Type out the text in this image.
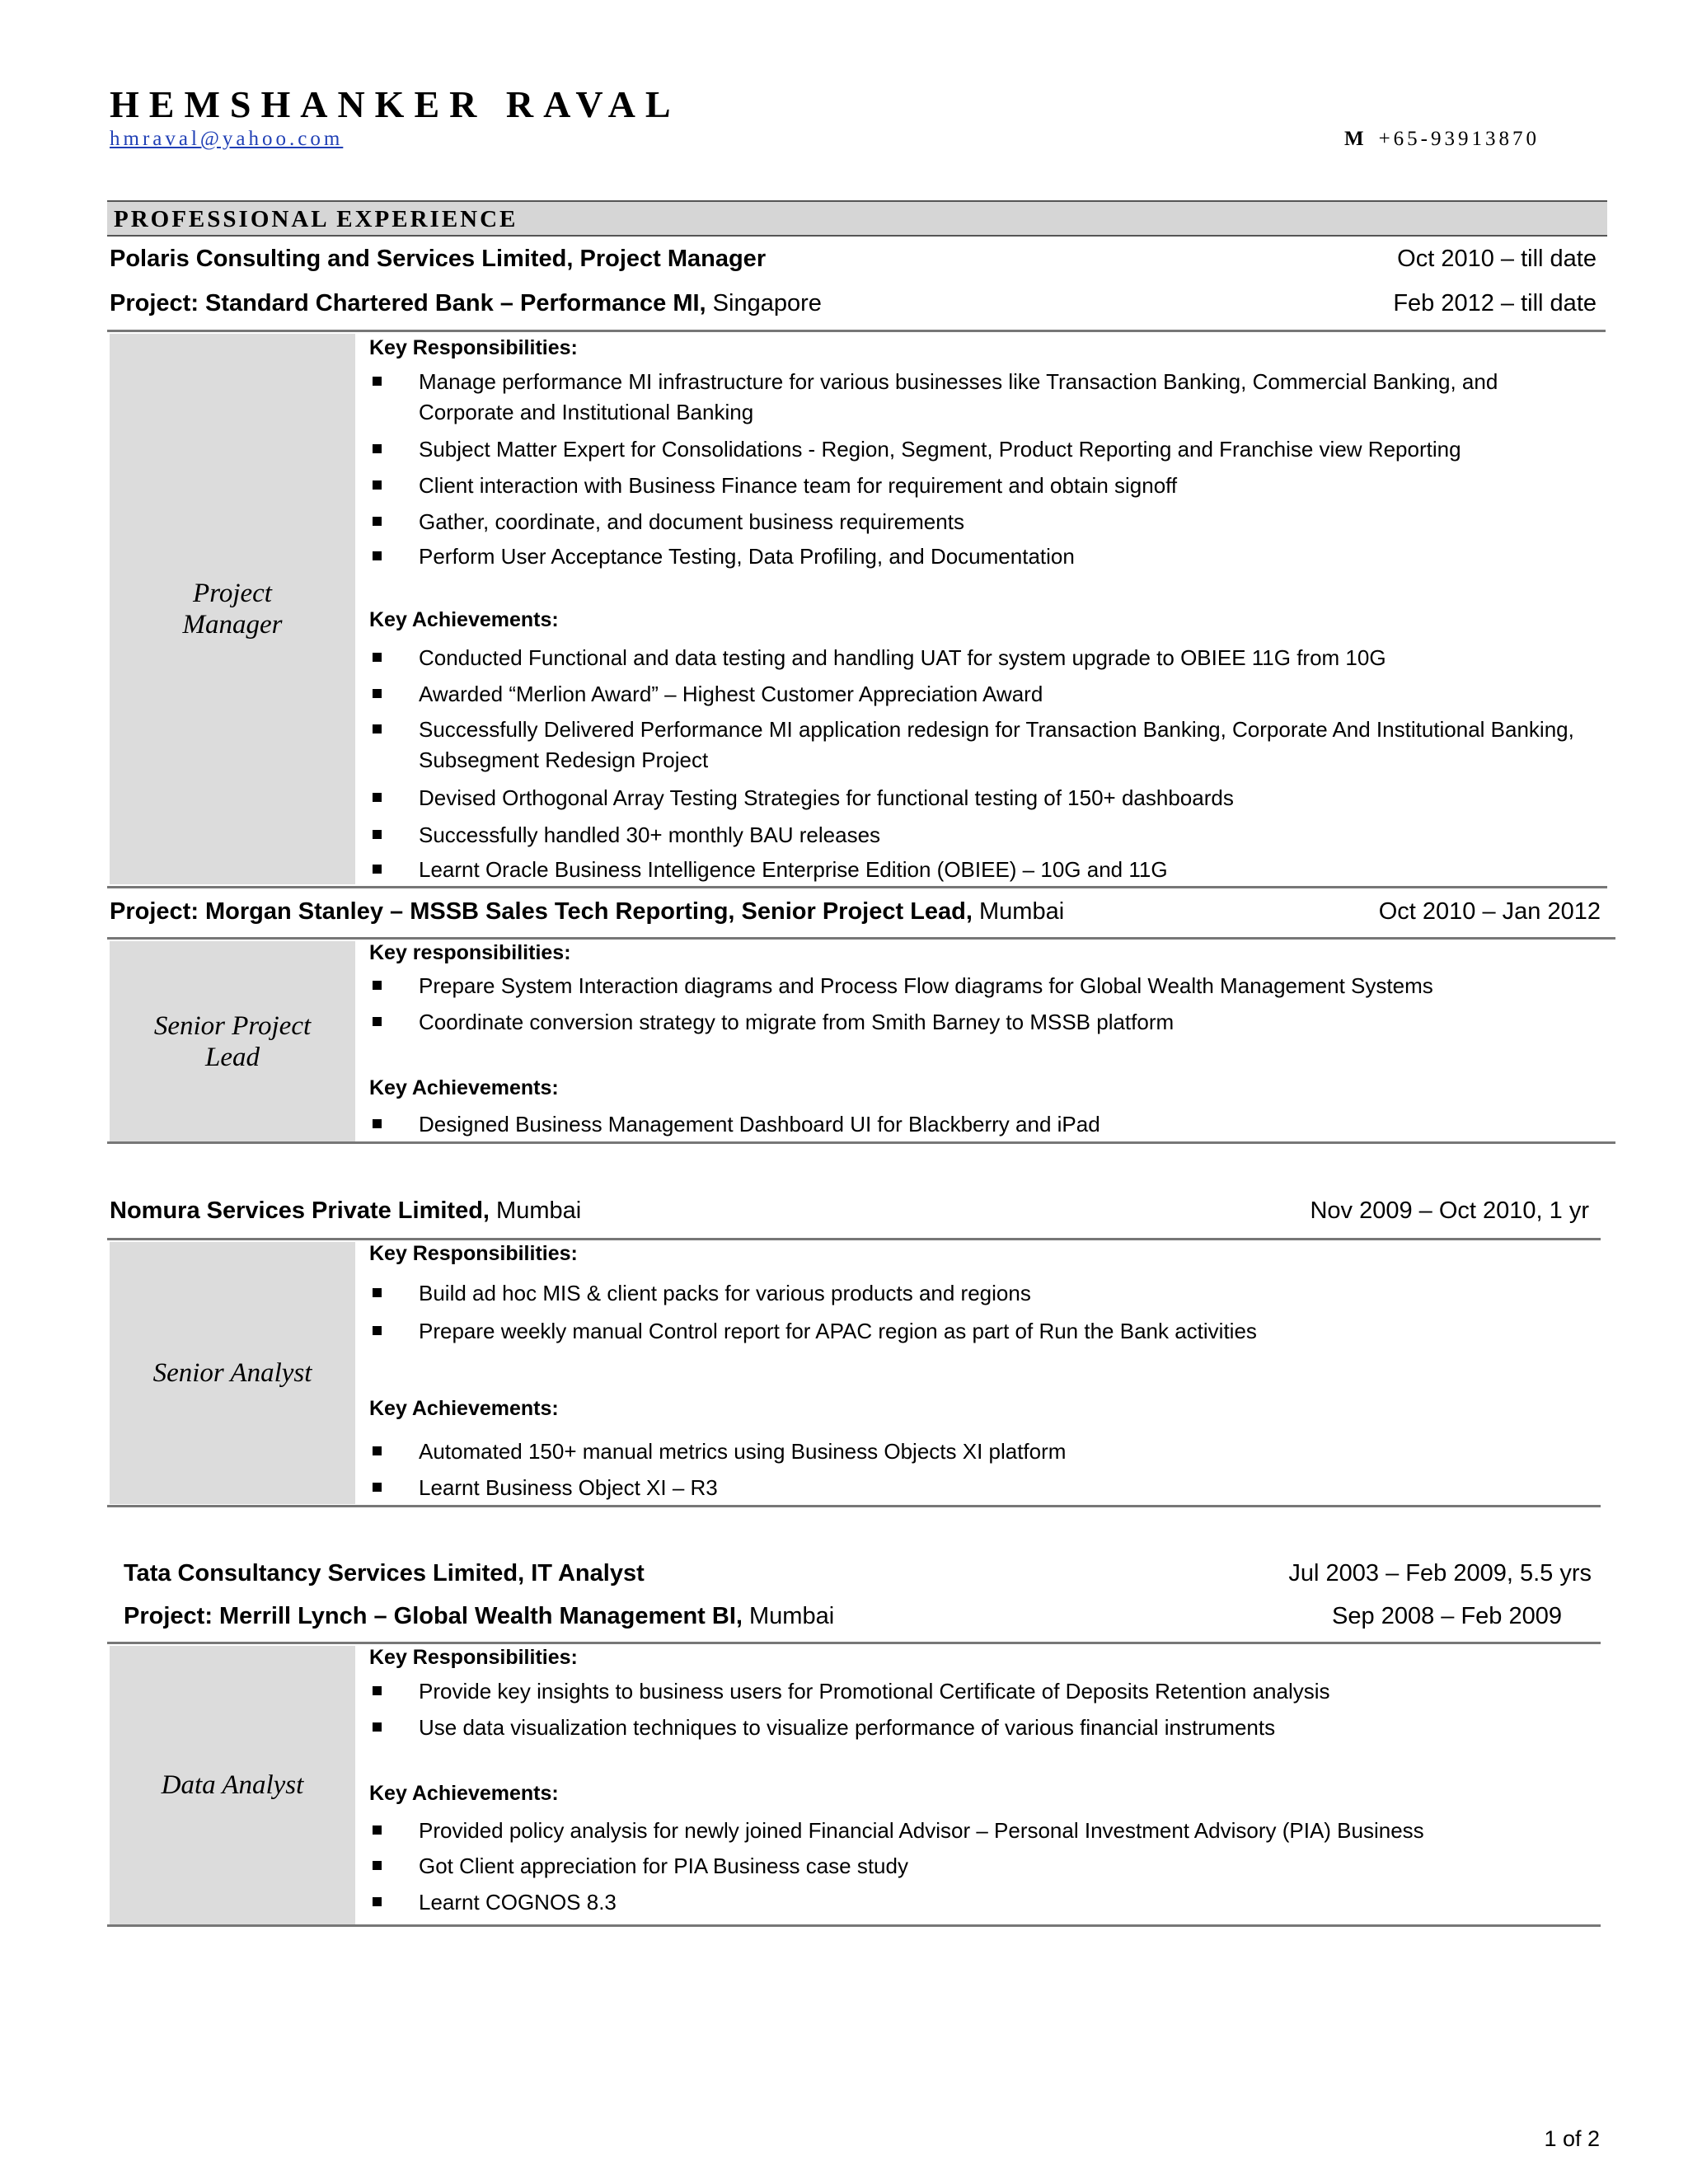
HEMSHANKER RAVAL
hmraval@yahoo.com	M +65-93913870
PROFESSIONAL EXPERIENCE
Polaris Consulting and Services Limited, Project Manager	Oct 2010 – till date
Project: Standard Chartered Bank – Performance MI, Singapore	Feb 2012 – till date
Project Manager
Key Responsibilities:
Manage performance MI infrastructure for various businesses like Transaction Banking, Commercial Banking, and Corporate and Institutional Banking
Subject Matter Expert for Consolidations - Region, Segment, Product Reporting and Franchise view Reporting
Client interaction with Business Finance team for requirement and obtain signoff
Gather, coordinate, and document business requirements
Perform User Acceptance Testing, Data Profiling, and Documentation
Key Achievements:
Conducted Functional and data testing and handling UAT for system upgrade to OBIEE 11G from 10G
Awarded “Merlion Award” – Highest Customer Appreciation Award
Successfully Delivered Performance MI application redesign for Transaction Banking, Corporate And Institutional Banking, Subsegment Redesign Project
Devised Orthogonal Array Testing Strategies for functional testing of 150+ dashboards
Successfully handled 30+ monthly BAU releases
Learnt Oracle Business Intelligence Enterprise Edition (OBIEE) – 10G and 11G
Project: Morgan Stanley – MSSB Sales Tech Reporting, Senior Project Lead, Mumbai	Oct 2010 – Jan 2012
Senior Project Lead
Key responsibilities:
Prepare System Interaction diagrams and Process Flow diagrams for Global Wealth Management Systems
Coordinate conversion strategy to migrate from Smith Barney to MSSB platform
Key Achievements:
Designed Business Management Dashboard UI for Blackberry and iPad
Nomura Services Private Limited, Mumbai	Nov 2009 – Oct 2010, 1 yr
Senior Analyst
Key Responsibilities:
Build ad hoc MIS & client packs for various products and regions
Prepare weekly manual Control report for APAC region as part of Run the Bank activities
Key Achievements:
Automated 150+ manual metrics using Business Objects XI platform
Learnt Business Object XI – R3
Tata Consultancy Services Limited, IT Analyst	Jul 2003 – Feb 2009, 5.5 yrs
Project: Merrill Lynch – Global Wealth Management BI, Mumbai	Sep 2008 – Feb 2009
Data Analyst
Key Responsibilities:
Provide key insights to business users for Promotional Certificate of Deposits Retention analysis
Use data visualization techniques to visualize performance of various financial instruments
Key Achievements:
Provided policy analysis for newly joined Financial Advisor – Personal Investment Advisory (PIA) Business
Got Client appreciation for PIA Business case study
Learnt COGNOS 8.3
1 of 2
